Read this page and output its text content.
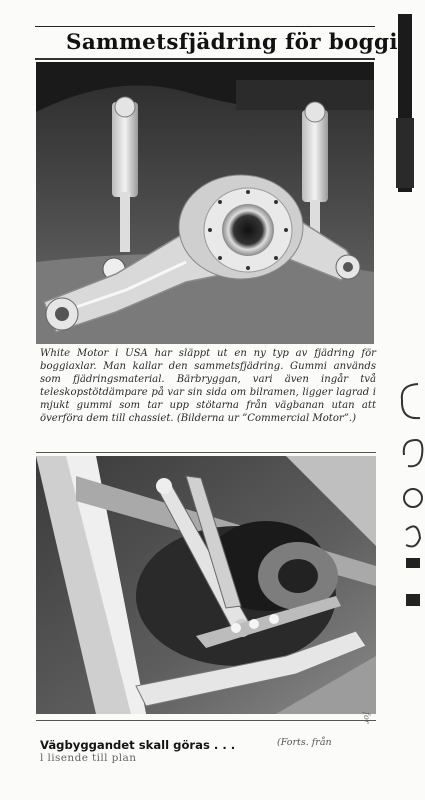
Sammetsfjädring för boggi

White Motor i USA har släppt ut en ny typ av fjädring för boggiaxlar. Man kallar den sammetsfjädring. Gummi används som fjädringsmaterial. Bärbryggan, vari även ingår två teleskopstötdämpare på var sin sida om bilramen, ligger lagrad i mjukt gummi som tar upp stötarna från vägbanan utan att överföra dem till chassiet. (Bilderna ur ”Commercial Motor”.)

Vägbyggandet skall göras . . .	(Forts. från
l lisende till plan
for
